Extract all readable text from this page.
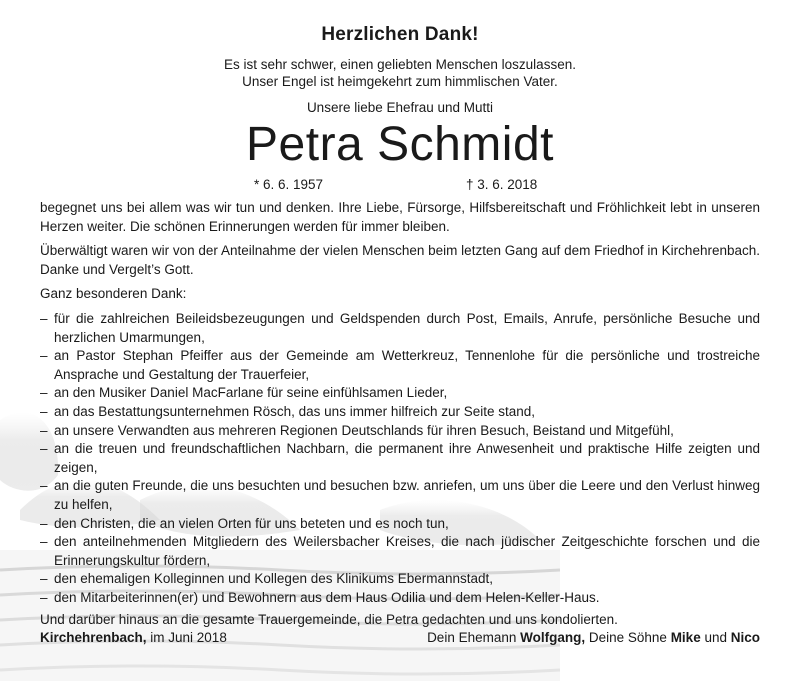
Herzlichen Dank!
Es ist sehr schwer, einen geliebten Menschen loszulassen.
Unser Engel ist heimgekehrt zum himmlischen Vater.
Unsere liebe Ehefrau und Mutti
Petra Schmidt
* 6. 6. 1957	† 3. 6. 2018

begegnet uns bei allem was wir tun und denken. Ihre Liebe, Fürsorge, Hilfsbereitschaft und Fröhlichkeit lebt in unseren Herzen weiter. Die schönen Erinnerungen werden für immer bleiben.

Überwältigt waren wir von der Anteilnahme der vielen Menschen beim letzten Gang auf dem Friedhof in Kirchehrenbach. Danke und Vergelt’s Gott.

Ganz besonderen Dank:

– für die zahlreichen Beileidsbezeugungen und Geldspenden durch Post, Emails, Anrufe, persönliche Besuche und herzlichen Umarmungen,
– an Pastor Stephan Pfeiffer aus der Gemeinde am Wetterkreuz, Tennenlohe für die persönliche und trostreiche Ansprache und Gestaltung der Trauerfeier,
– an den Musiker Daniel MacFarlane für seine einfühlsamen Lieder,
– an das Bestattungsunternehmen Rösch, das uns immer hilfreich zur Seite stand,
– an unsere Verwandten aus mehreren Regionen Deutschlands für ihren Besuch, Beistand und Mitgefühl,
– an die treuen und freundschaftlichen Nachbarn, die permanent ihre Anwesenheit und praktische Hilfe zeigten und zeigen,
– an die guten Freunde, die uns besuchten und besuchen bzw. anriefen, um uns über die Leere und den Verlust hinweg zu helfen,
– den Christen, die an vielen Orten für uns beteten und es noch tun,
– den anteilnehmenden Mitgliedern des Weilersbacher Kreises, die nach jüdischer Zeitgeschichte forschen und die Erinnerungskultur fördern,
– den ehemaligen Kolleginnen und Kollegen des Klinikums Ebermannstadt,
– den Mitarbeiterinnen(er) und Bewohnern aus dem Haus Odilia und dem Helen-Keller-Haus.

Und darüber hinaus an die gesamte Trauergemeinde, die Petra gedachten und uns kondolierten.

Kirchehrenbach, im Juni 2018	Dein Ehemann Wolfgang, Deine Söhne Mike und Nico
